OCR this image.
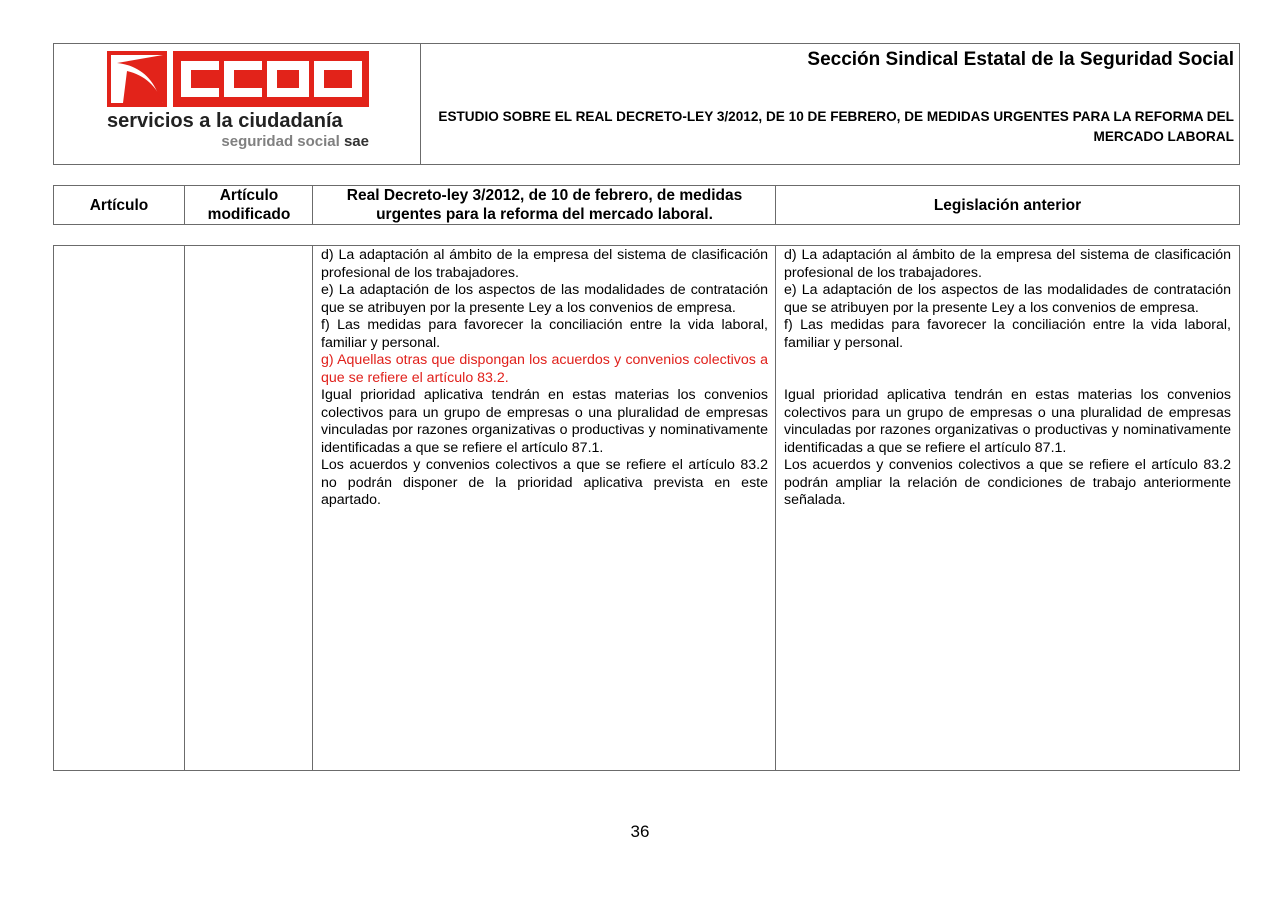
servicios a la ciudadanía
seguridad social sae
Sección Sindical Estatal de la Seguridad Social
ESTUDIO SOBRE EL REAL DECRETO-LEY 3/2012, DE 10 DE FEBRERO, DE MEDIDAS URGENTES PARA LA REFORMA DEL MERCADO LABORAL
Artículo
Artículo modificado
Real Decreto-ley 3/2012, de 10 de febrero, de medidas urgentes para la reforma del mercado laboral.
Legislación anterior

d) La adaptación al ámbito de la empresa del sistema de clasificación profesional de los trabajadores.

e) La adaptación de los aspectos de las modalidades de contratación que se atribuyen por la presente Ley a los convenios de empresa.

f) Las medidas para favorecer la conciliación entre la vida laboral, familiar y personal.

g) Aquellas otras que dispongan los acuerdos y convenios colectivos a que se refiere el artículo 83.2.

Igual prioridad aplicativa tendrán en estas materias los convenios colectivos para un grupo de empresas o una pluralidad de empresas vinculadas por razones organizativas o productivas y nominativamente identificadas a que se refiere el artículo 87.1.

Los acuerdos y convenios colectivos a que se refiere el artículo 83.2 no podrán disponer de la prioridad aplicativa prevista en este apartado.

d) La adaptación al ámbito de la empresa del sistema de clasificación profesional de los trabajadores.

e) La adaptación de los aspectos de las modalidades de contratación que se atribuyen por la presente Ley a los convenios de empresa.

f) Las medidas para favorecer la conciliación entre la vida laboral, familiar y personal.

Igual prioridad aplicativa tendrán en estas materias los convenios colectivos para un grupo de empresas o una pluralidad de empresas vinculadas por razones organizativas o productivas y nominativamente identificadas a que se refiere el artículo 87.1.

Los acuerdos y convenios colectivos a que se refiere el artículo 83.2 podrán ampliar la relación de condiciones de trabajo anteriormente señalada.

36
